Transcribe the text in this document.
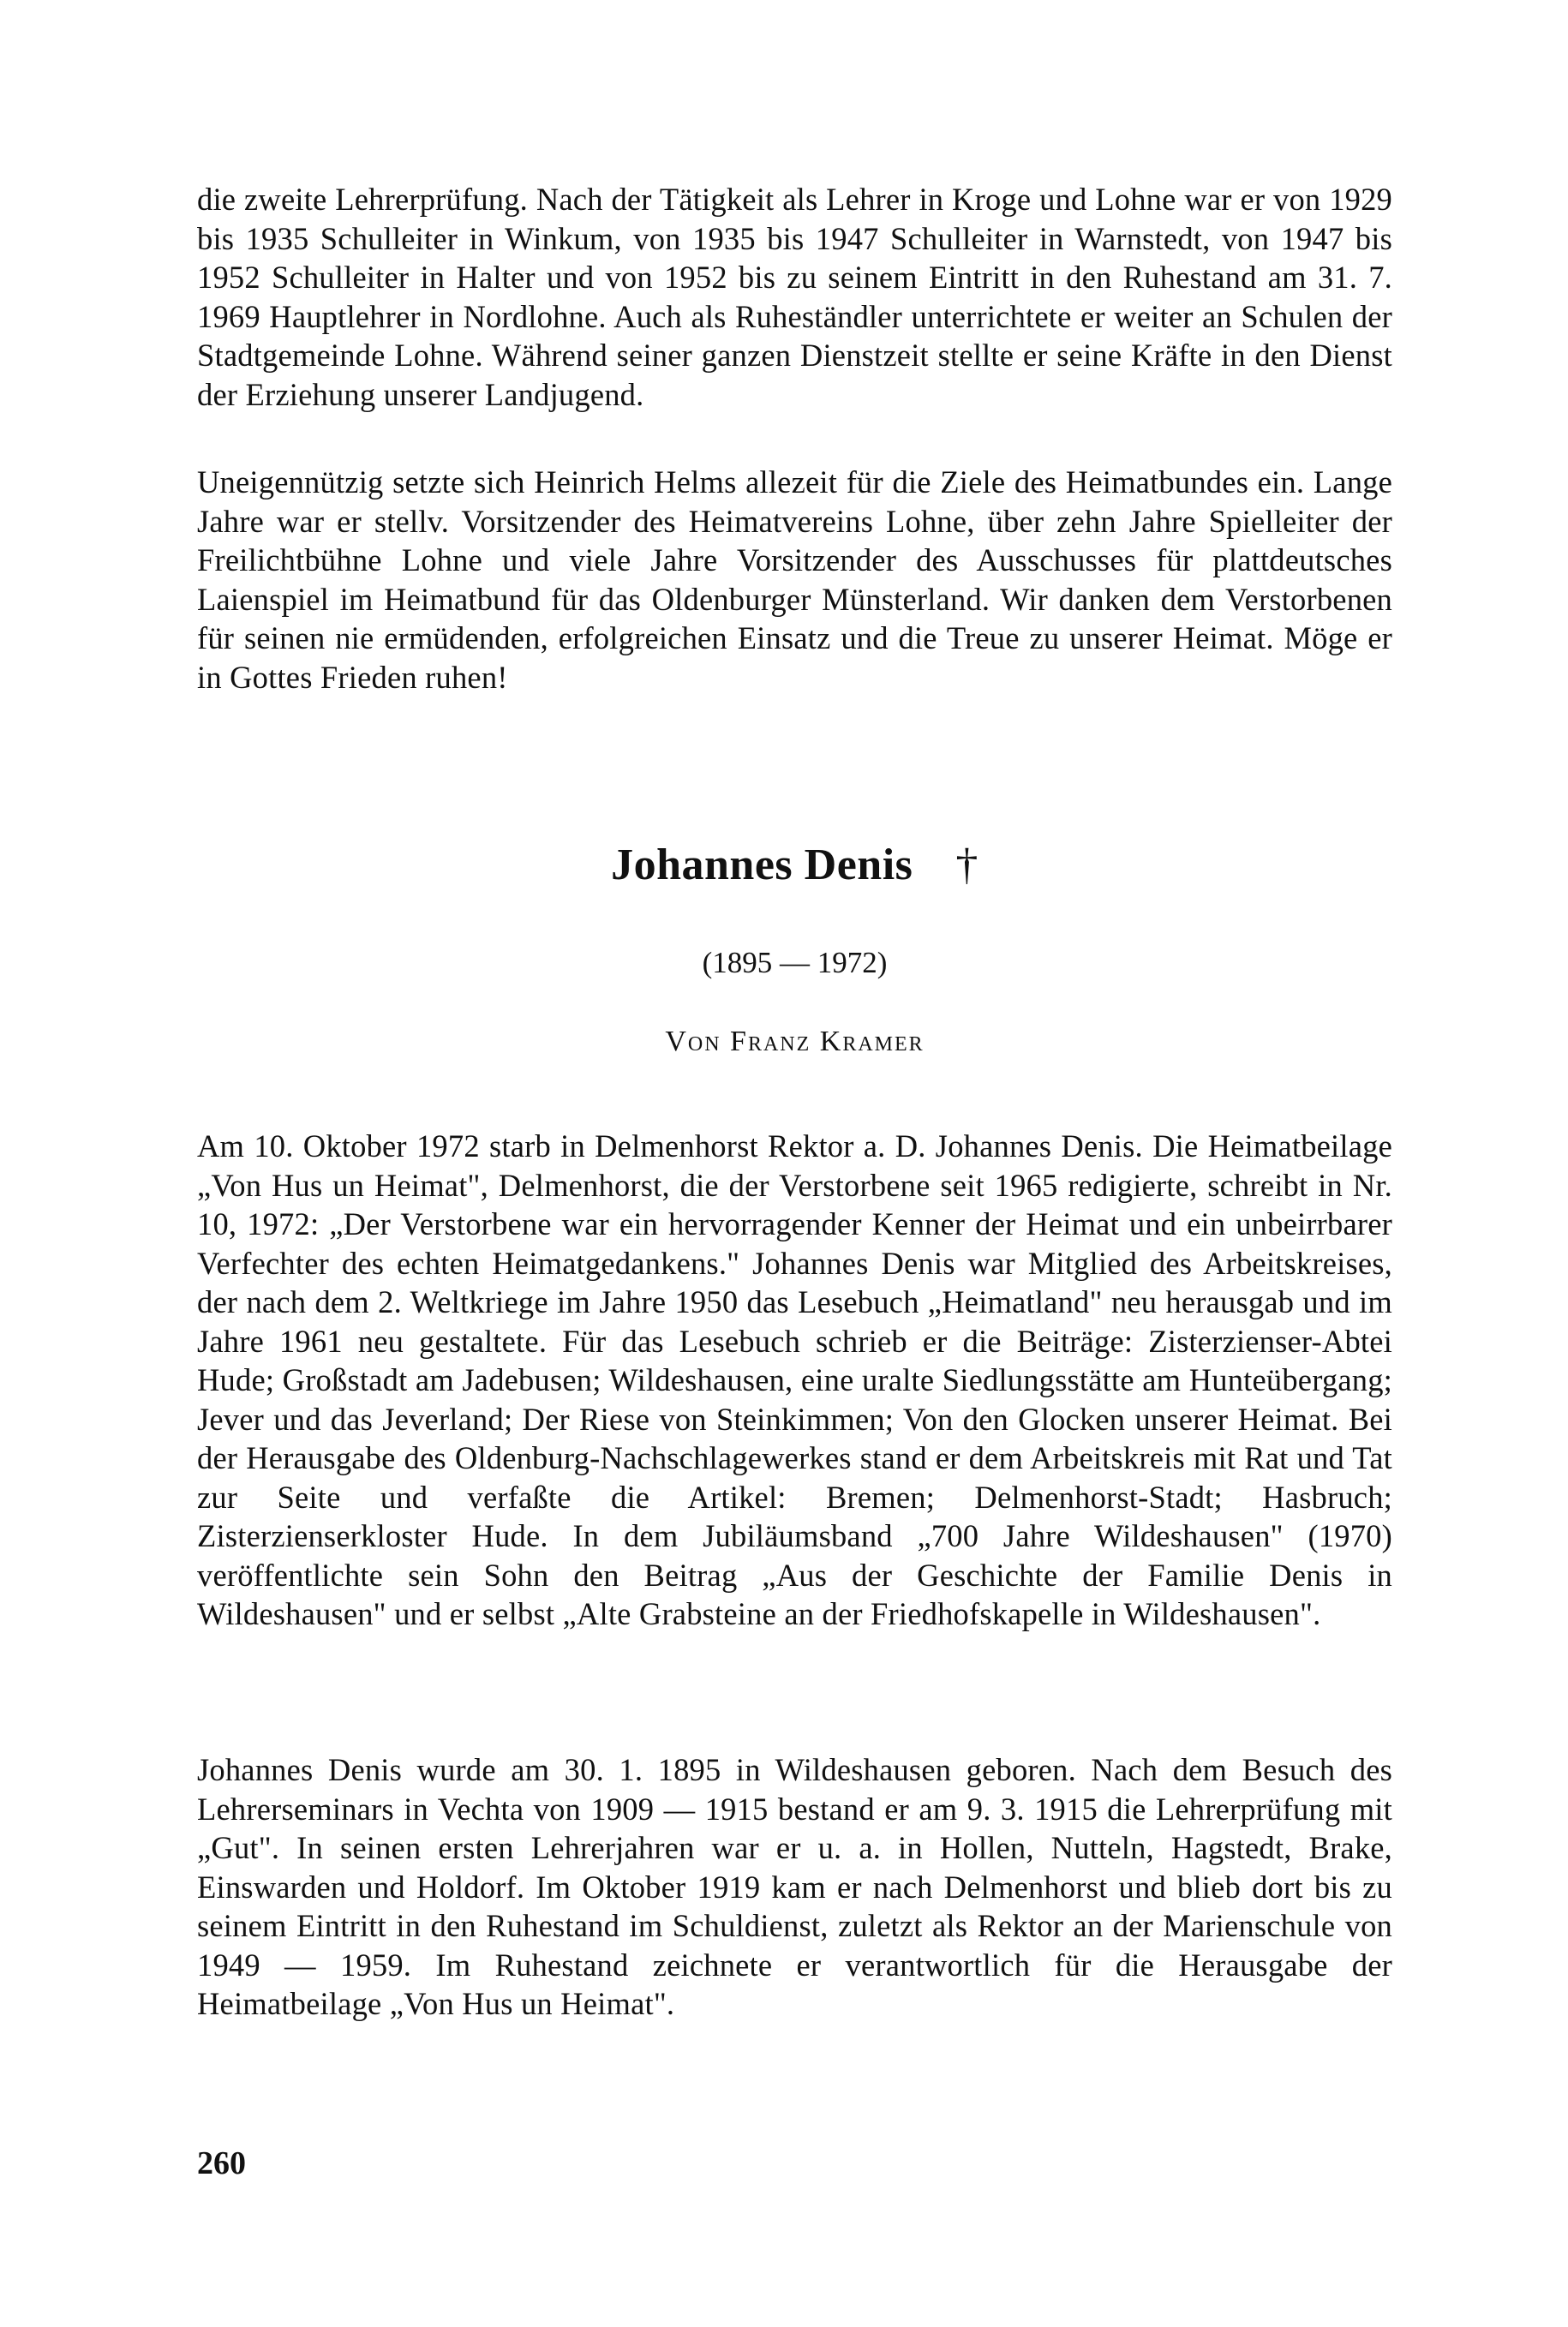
die zweite Lehrerprüfung. Nach der Tätigkeit als Lehrer in Kroge und Lohne war er von 1929 bis 1935 Schulleiter in Winkum, von 1935 bis 1947 Schulleiter in Warnstedt, von 1947 bis 1952 Schulleiter in Halter und von 1952 bis zu seinem Eintritt in den Ruhestand am 31. 7. 1969 Hauptlehrer in Nordlohne. Auch als Ruheständler unterrichtete er weiter an Schulen der Stadtgemeinde Lohne. Während seiner ganzen Dienstzeit stellte er seine Kräfte in den Dienst der Erziehung unserer Landjugend.

Uneigennützig setzte sich Heinrich Helms allezeit für die Ziele des Heimatbundes ein. Lange Jahre war er stellv. Vorsitzender des Heimatvereins Lohne, über zehn Jahre Spielleiter der Freilichtbühne Lohne und viele Jahre Vorsitzender des Ausschusses für plattdeutsches Laienspiel im Heimatbund für das Oldenburger Münsterland. Wir danken dem Verstorbenen für seinen nie ermüdenden, erfolgreichen Einsatz und die Treue zu unserer Heimat. Möge er in Gottes Frieden ruhen!

Johannes Denis †

(1895 — 1972)

Von Franz Kramer

Am 10. Oktober 1972 starb in Delmenhorst Rektor a. D. Johannes Denis. Die Heimatbeilage „Von Hus un Heimat", Delmenhorst, die der Verstorbene seit 1965 redigierte, schreibt in Nr. 10, 1972: „Der Verstorbene war ein hervorragender Kenner der Heimat und ein unbeirrbarer Verfechter des echten Heimatgedankens." Johannes Denis war Mitglied des Arbeitskreises, der nach dem 2. Weltkriege im Jahre 1950 das Lesebuch „Heimatland" neu herausgab und im Jahre 1961 neu gestaltete. Für das Lesebuch schrieb er die Beiträge: Zisterzienser-Abtei Hude; Großstadt am Jadebusen; Wildeshausen, eine uralte Siedlungsstätte am Hunteübergang; Jever und das Jeverland; Der Riese von Steinkimmen; Von den Glocken unserer Heimat. Bei der Herausgabe des Oldenburg-Nachschlagewerkes stand er dem Arbeitskreis mit Rat und Tat zur Seite und verfaßte die Artikel: Bremen; Delmenhorst-Stadt; Hasbruch; Zisterzienserkloster Hude. In dem Jubiläumsband „700 Jahre Wildeshausen" (1970) veröffentlichte sein Sohn den Beitrag „Aus der Geschichte der Familie Denis in Wildeshausen" und er selbst „Alte Grabsteine an der Friedhofskapelle in Wildeshausen".

Johannes Denis wurde am 30. 1. 1895 in Wildeshausen geboren. Nach dem Besuch des Lehrerseminars in Vechta von 1909 — 1915 bestand er am 9. 3. 1915 die Lehrerprüfung mit „Gut". In seinen ersten Lehrerjahren war er u. a. in Hollen, Nutteln, Hagstedt, Brake, Einswarden und Holdorf. Im Oktober 1919 kam er nach Delmenhorst und blieb dort bis zu seinem Eintritt in den Ruhestand im Schuldienst, zuletzt als Rektor an der Marienschule von 1949 — 1959. Im Ruhestand zeichnete er verantwortlich für die Herausgabe der Heimatbeilage „Von Hus un Heimat".

260
